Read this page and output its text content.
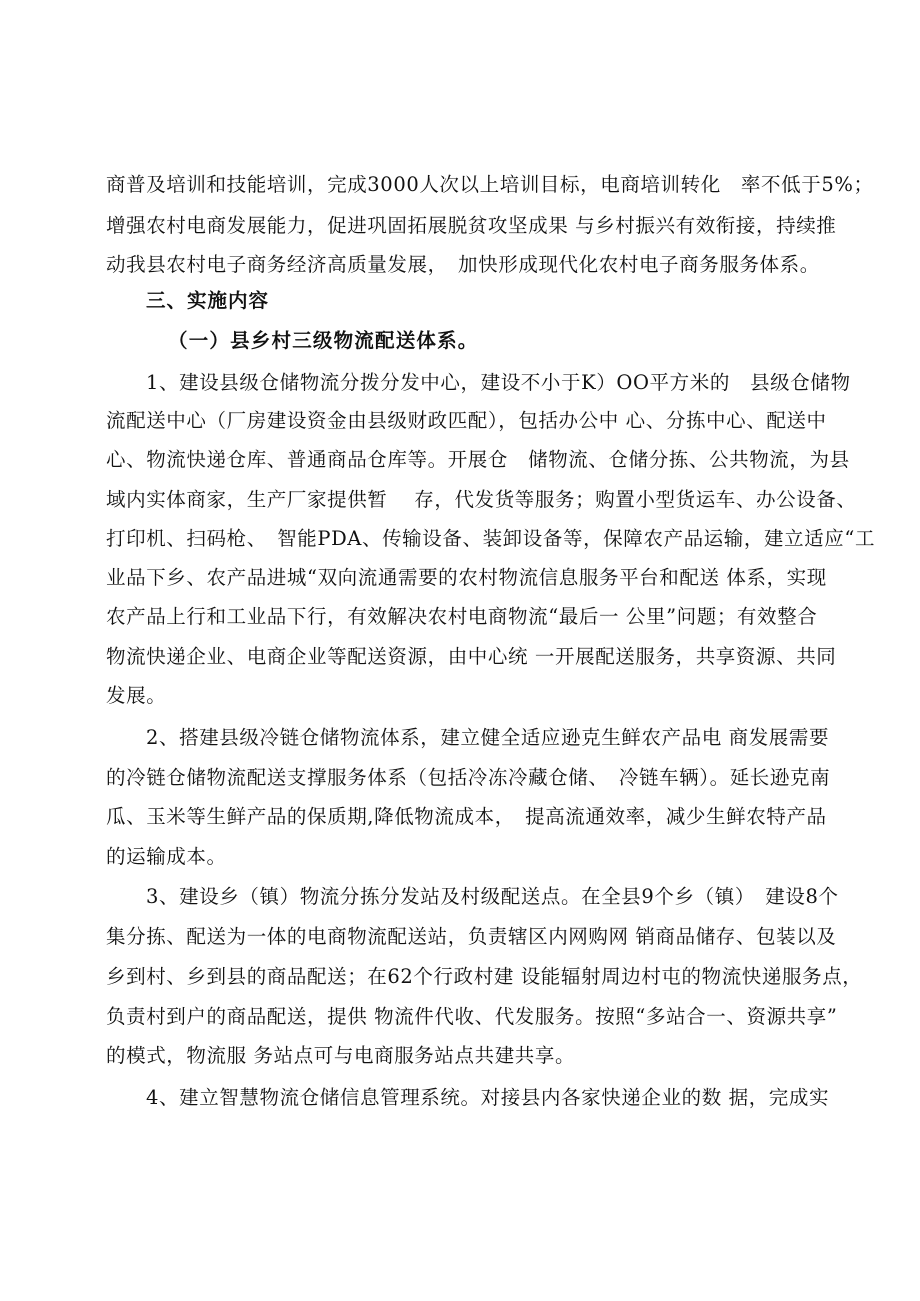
商普及培训和技能培训，完成3000人次以上培训目标，电商培训转化　率不低于5%；
增强农村电商发展能力，促进巩固拓展脱贫攻坚成果 与乡村振兴有效衔接，持续推
动我县农村电子商务经济高质量发展，　加快形成现代化农村电子商务服务体系。
三、实施内容
（一）县乡村三级物流配送体系。
1、建设县级仓储物流分拨分发中心，建设不小于K）OO平方米的　县级仓储物
流配送中心（厂房建设资金由县级财政匹配），包括办公中 心、分拣中心、配送中
心、物流快递仓库、普通商品仓库等。开展仓　储物流、仓储分拣、公共物流，为县
域内实体商家，生产厂家提供暂　 存，代发货等服务；购置小型货运车、办公设备、
打印机、扫码枪、　智能PDA、传输设备、装卸设备等，保障农产品运输，建立适应“工
业品下乡、农产品进城“双向流通需要的农村物流信息服务平台和配送 体系，实现
农产品上行和工业品下行，有效解决农村电商物流“最后一 公里”问题；有效整合
物流快递企业、电商企业等配送资源，由中心统 一开展配送服务，共享资源、共同
发展。
2、搭建县级冷链仓储物流体系，建立健全适应逊克生鲜农产品电 商发展需要
的冷链仓储物流配送支撑服务体系（包括冷冻冷藏仓储、　冷链车辆）。延长逊克南
瓜、玉米等生鲜产品的保质期,降低物流成本，　提高流通效率，减少生鲜农特产品
的运输成本。
3、建设乡（镇）物流分拣分发站及村级配送点。在全县9个乡（镇）　建设8个
集分拣、配送为一体的电商物流配送站，负责辖区内网购网 销商品储存、包装以及
乡到村、乡到县的商品配送；在62个行政村建 设能辐射周边村屯的物流快递服务点，
负责村到户的商品配送，提供 物流件代收、代发服务。按照“多站合一、资源共享”
的模式，物流服 务站点可与电商服务站点共建共享。
4、建立智慧物流仓储信息管理系统。对接县内各家快递企业的数 据，完成实
